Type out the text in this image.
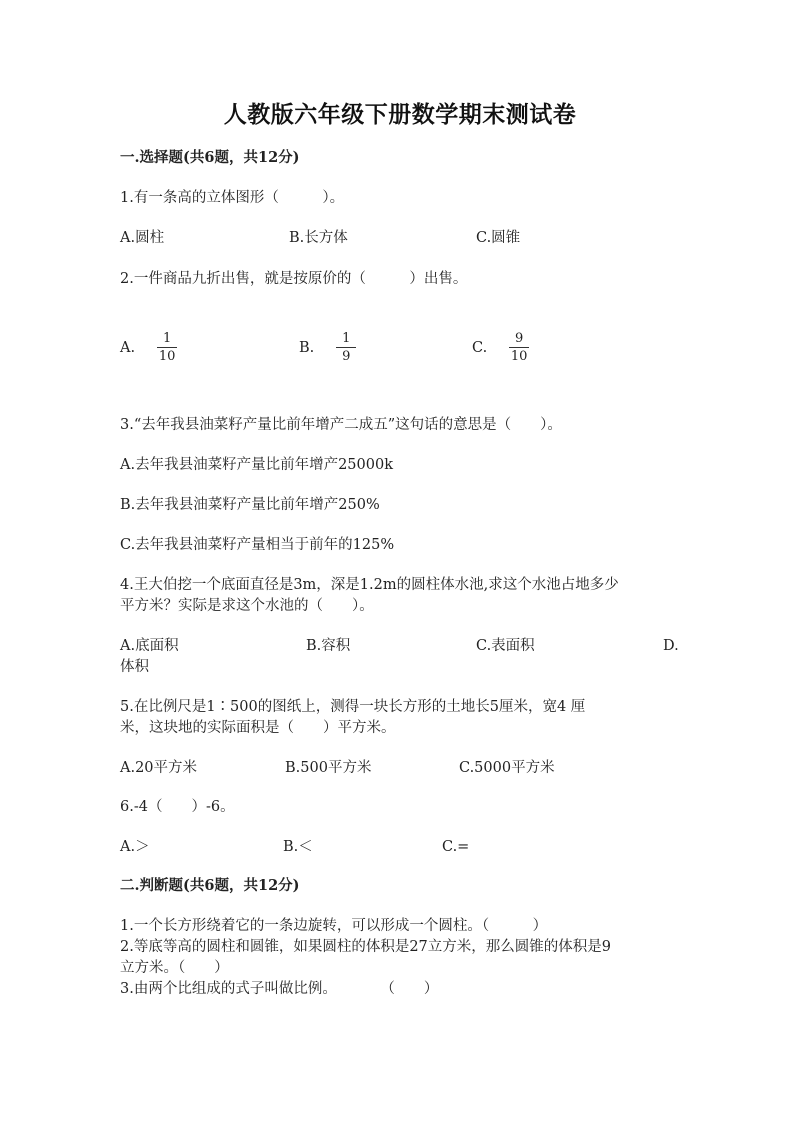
人教版六年级下册数学期末测试卷
一.选择题(共6题，共12分)
1.有一条高的立体图形（　　　）。
A.圆柱	B.长方体	C.圆锥
2.一件商品九折出售，就是按原价的（　　　）出售。
A. $\frac{1}{10}$	B. $\frac{1}{9}$	C. $\frac{9}{10}$
3.“去年我县油菜籽产量比前年增产二成五”这句话的意思是（　　）。
A.去年我县油菜籽产量比前年增产25000k
B.去年我县油菜籽产量比前年增产250%
C.去年我县油菜籽产量相当于前年的125%
4.王大伯挖一个底面直径是3m，深是1.2m的圆柱体水池,求这个水池占地多少
平方米？实际是求这个水池的（　　）。
A.底面积	B.容积	C.表面积	D.
体积
5.在比例尺是1∶500的图纸上，测得一块长方形的土地长5厘米，宽4 厘
米，这块地的实际面积是（　　）平方米。
A.20平方米	B.500平方米	C.5000平方米
6.-4（　　）-6。
A.＞	B.＜	C.=
二.判断题(共6题，共12分)
1.一个长方形绕着它的一条边旋转，可以形成一个圆柱。（　　　）
2.等底等高的圆柱和圆锥，如果圆柱的体积是27立方米，那么圆锥的体积是9
立方米。（　　）
3.由两个比组成的式子叫做比例。　　　　（　　）
